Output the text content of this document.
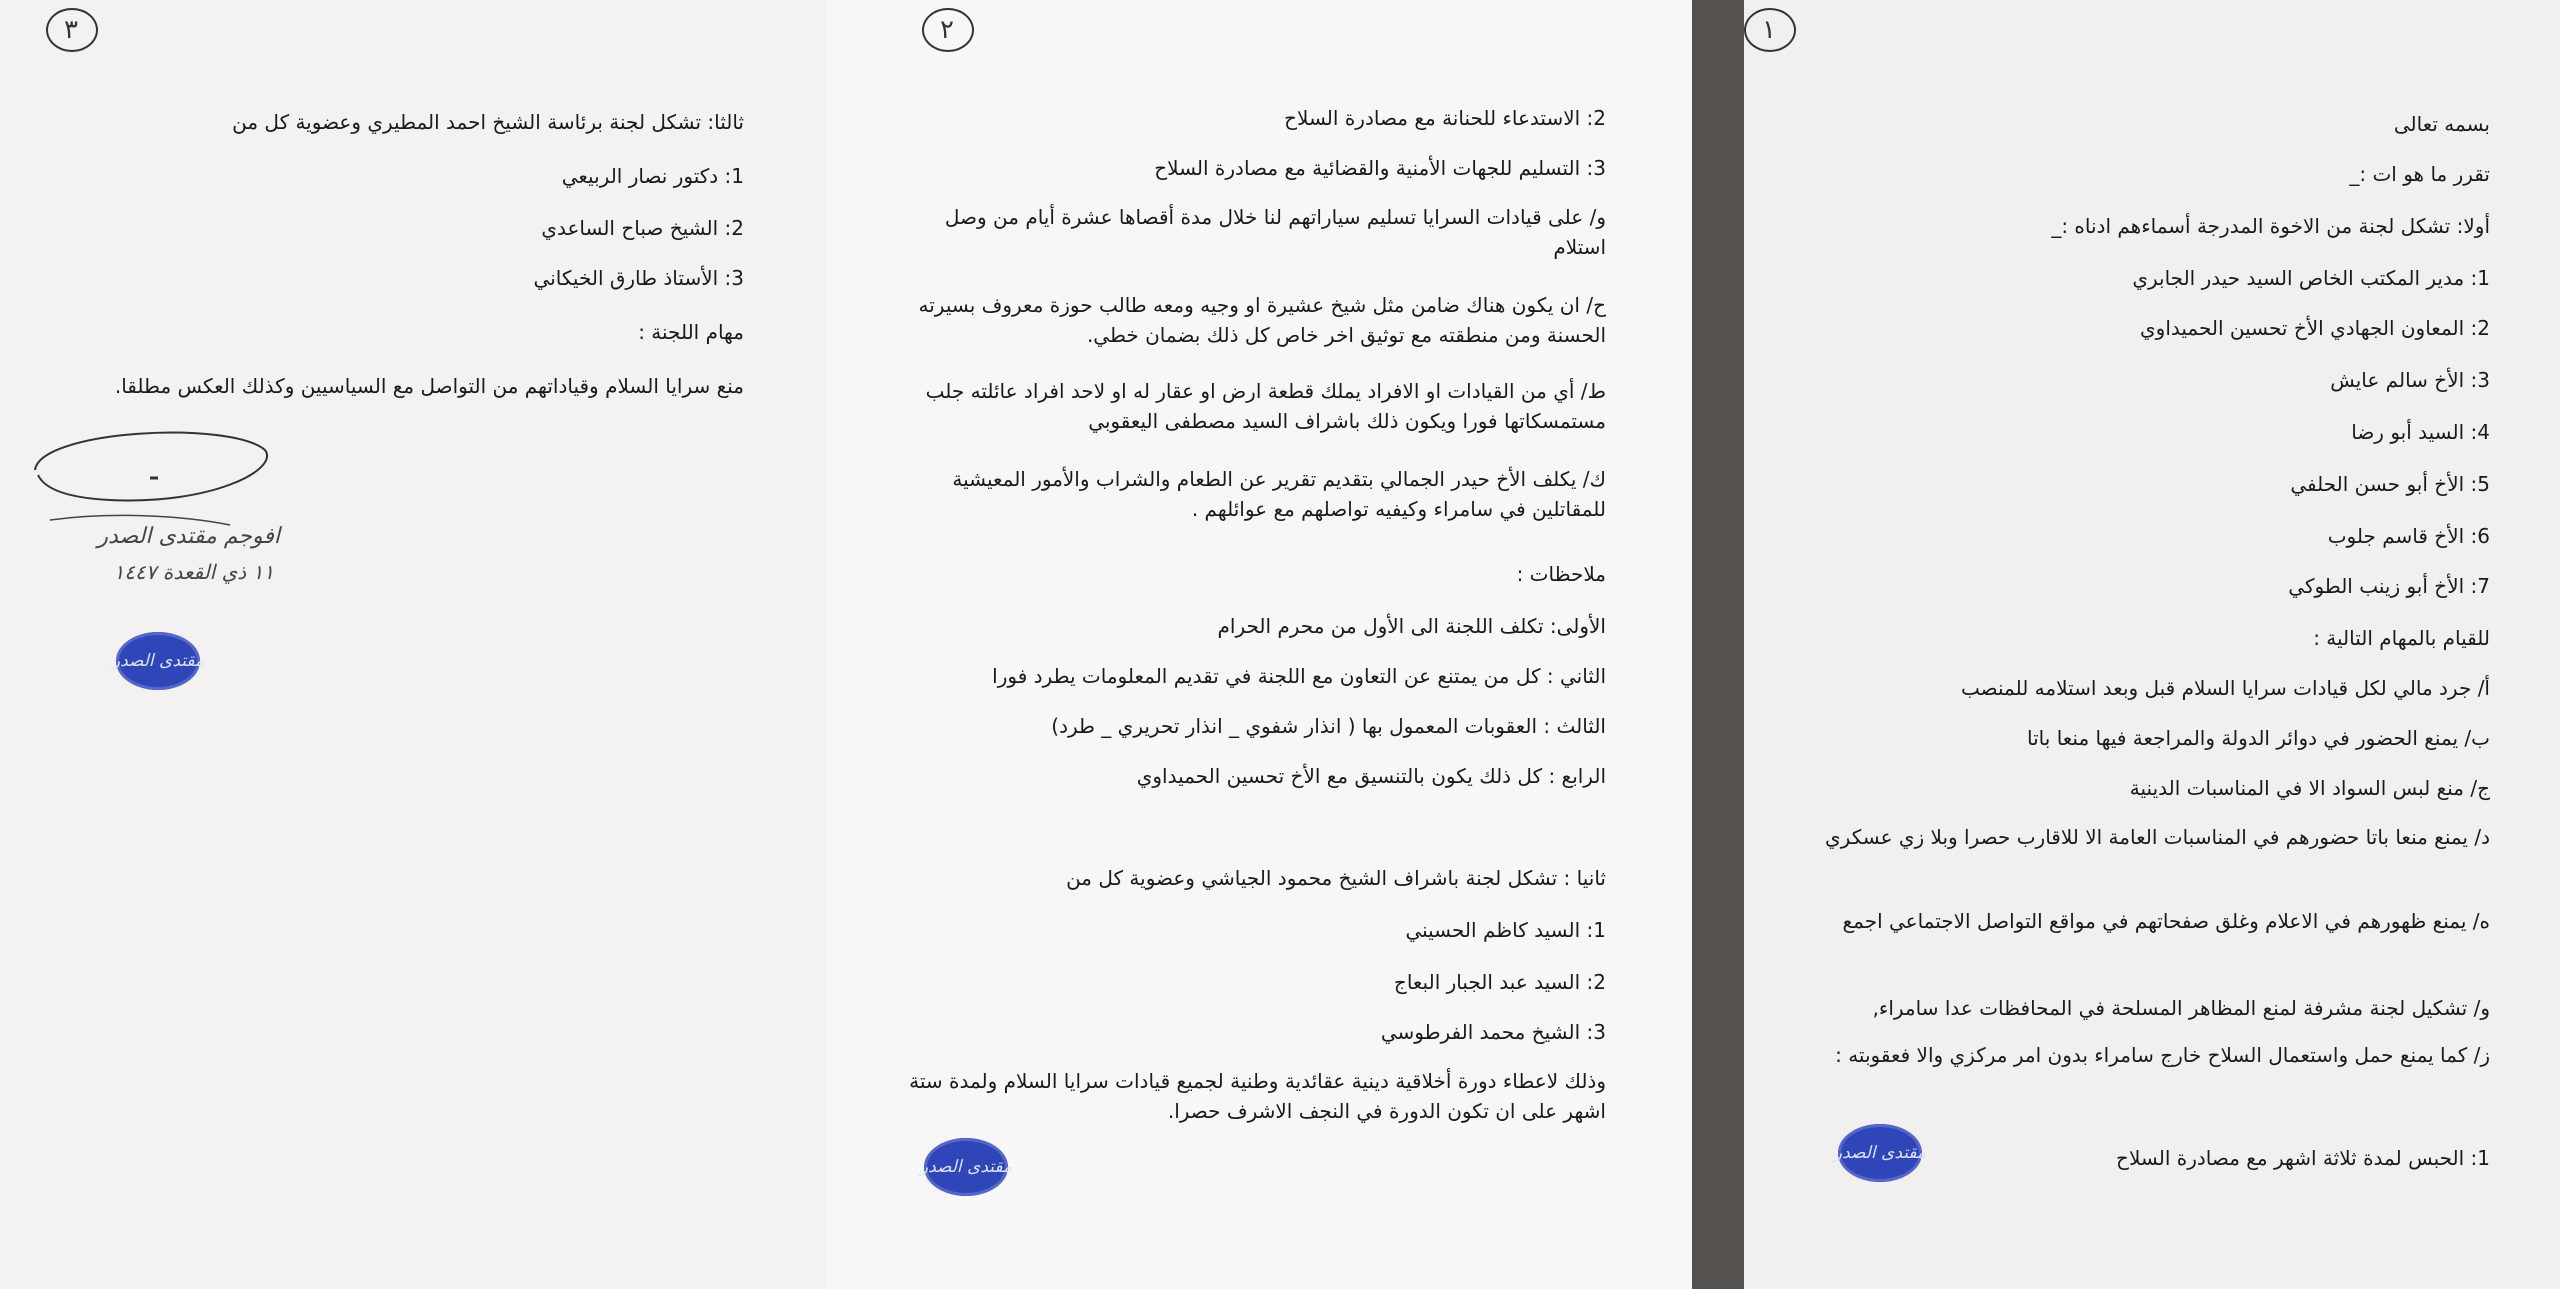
٣
ثالثا: تشكل لجنة برئاسة الشيخ احمد المطيري وعضوية كل من
1: دكتور نصار الربيعي
2: الشيخ صباح الساعدي
3: الأستاذ طارق الخيكاني
مهام اللجنة :
منع سرايا السلام وقياداتهم من التواصل مع السياسيين وكذلك العكس مطلقا.
افوجم مقتدى الصدر
١١ ذي القعدة ١٤٤٧
مقتدى الصدر
٢
2: الاستدعاء للحنانة مع مصادرة السلاح
3: التسليم للجهات الأمنية والقضائية مع مصادرة السلاح
و/ على قيادات السرايا تسليم سياراتهم لنا خلال مدة أقصاها عشرة أيام من وصل استلام
ح/ ان يكون هناك ضامن مثل شيخ عشيرة او وجيه ومعه طالب حوزة معروف بسيرته الحسنة ومن منطقته مع توثيق اخر خاص كل ذلك بضمان خطي.
ط/ أي من القيادات او الافراد يملك قطعة ارض او عقار له او لاحد افراد عائلته جلب مستمسكاتها فورا ويكون ذلك باشراف السيد مصطفى اليعقوبي
ك/ يكلف الأخ حيدر الجمالي بتقديم تقرير عن الطعام والشراب والأمور المعيشية للمقاتلين في سامراء وكيفيه تواصلهم مع عوائلهم .
ملاحظات :
الأولى: تكلف اللجنة الى الأول من محرم الحرام
الثاني : كل من يمتنع عن التعاون مع اللجنة في تقديم المعلومات يطرد فورا
الثالث : العقوبات المعمول بها ( انذار شفوي _ انذار تحريري _ طرد)
الرابع : كل ذلك يكون بالتنسيق مع الأخ تحسين الحميداوي
ثانيا : تشكل لجنة باشراف الشيخ محمود الجياشي وعضوية كل من
1: السيد كاظم الحسيني
2: السيد عبد الجبار البعاج
3: الشيخ محمد الفرطوسي
وذلك لاعطاء دورة أخلاقية دينية عقائدية وطنية لجميع قيادات سرايا السلام ولمدة ستة اشهر على ان تكون الدورة في النجف الاشرف حصرا.
مقتدى الصدر
١
بسمه تعالى
تقرر ما هو ات :_
أولا: تشكل لجنة من الاخوة المدرجة أسماءهم ادناه :_
1: مدير المكتب الخاص السيد حيدر الجابري
2: المعاون الجهادي الأخ تحسين الحميداوي
3: الأخ سالم عايش
4: السيد أبو رضا
5: الأخ أبو حسن الحلفي
6: الأخ قاسم جلوب
7: الأخ أبو زينب الطوكي
للقيام بالمهام التالية :
أ/ جرد مالي لكل قيادات سرايا السلام قبل وبعد استلامه للمنصب
ب/ يمنع الحضور في دوائر الدولة والمراجعة فيها منعا باتا
ج/ منع لبس السواد الا في المناسبات الدينية
د/ يمنع منعا باتا حضورهم في المناسبات العامة الا للاقارب حصرا وبلا زي عسكري
ه/ يمنع ظهورهم في الاعلام وغلق صفحاتهم في مواقع التواصل الاجتماعي اجمع
و/ تشكيل لجنة مشرفة لمنع المظاهر المسلحة في المحافظات عدا سامراء,
ز/ كما يمنع حمل واستعمال السلاح خارج سامراء بدون امر مركزي والا فعقوبته :
1: الحبس لمدة ثلاثة اشهر مع مصادرة السلاح
مقتدى الصدر
